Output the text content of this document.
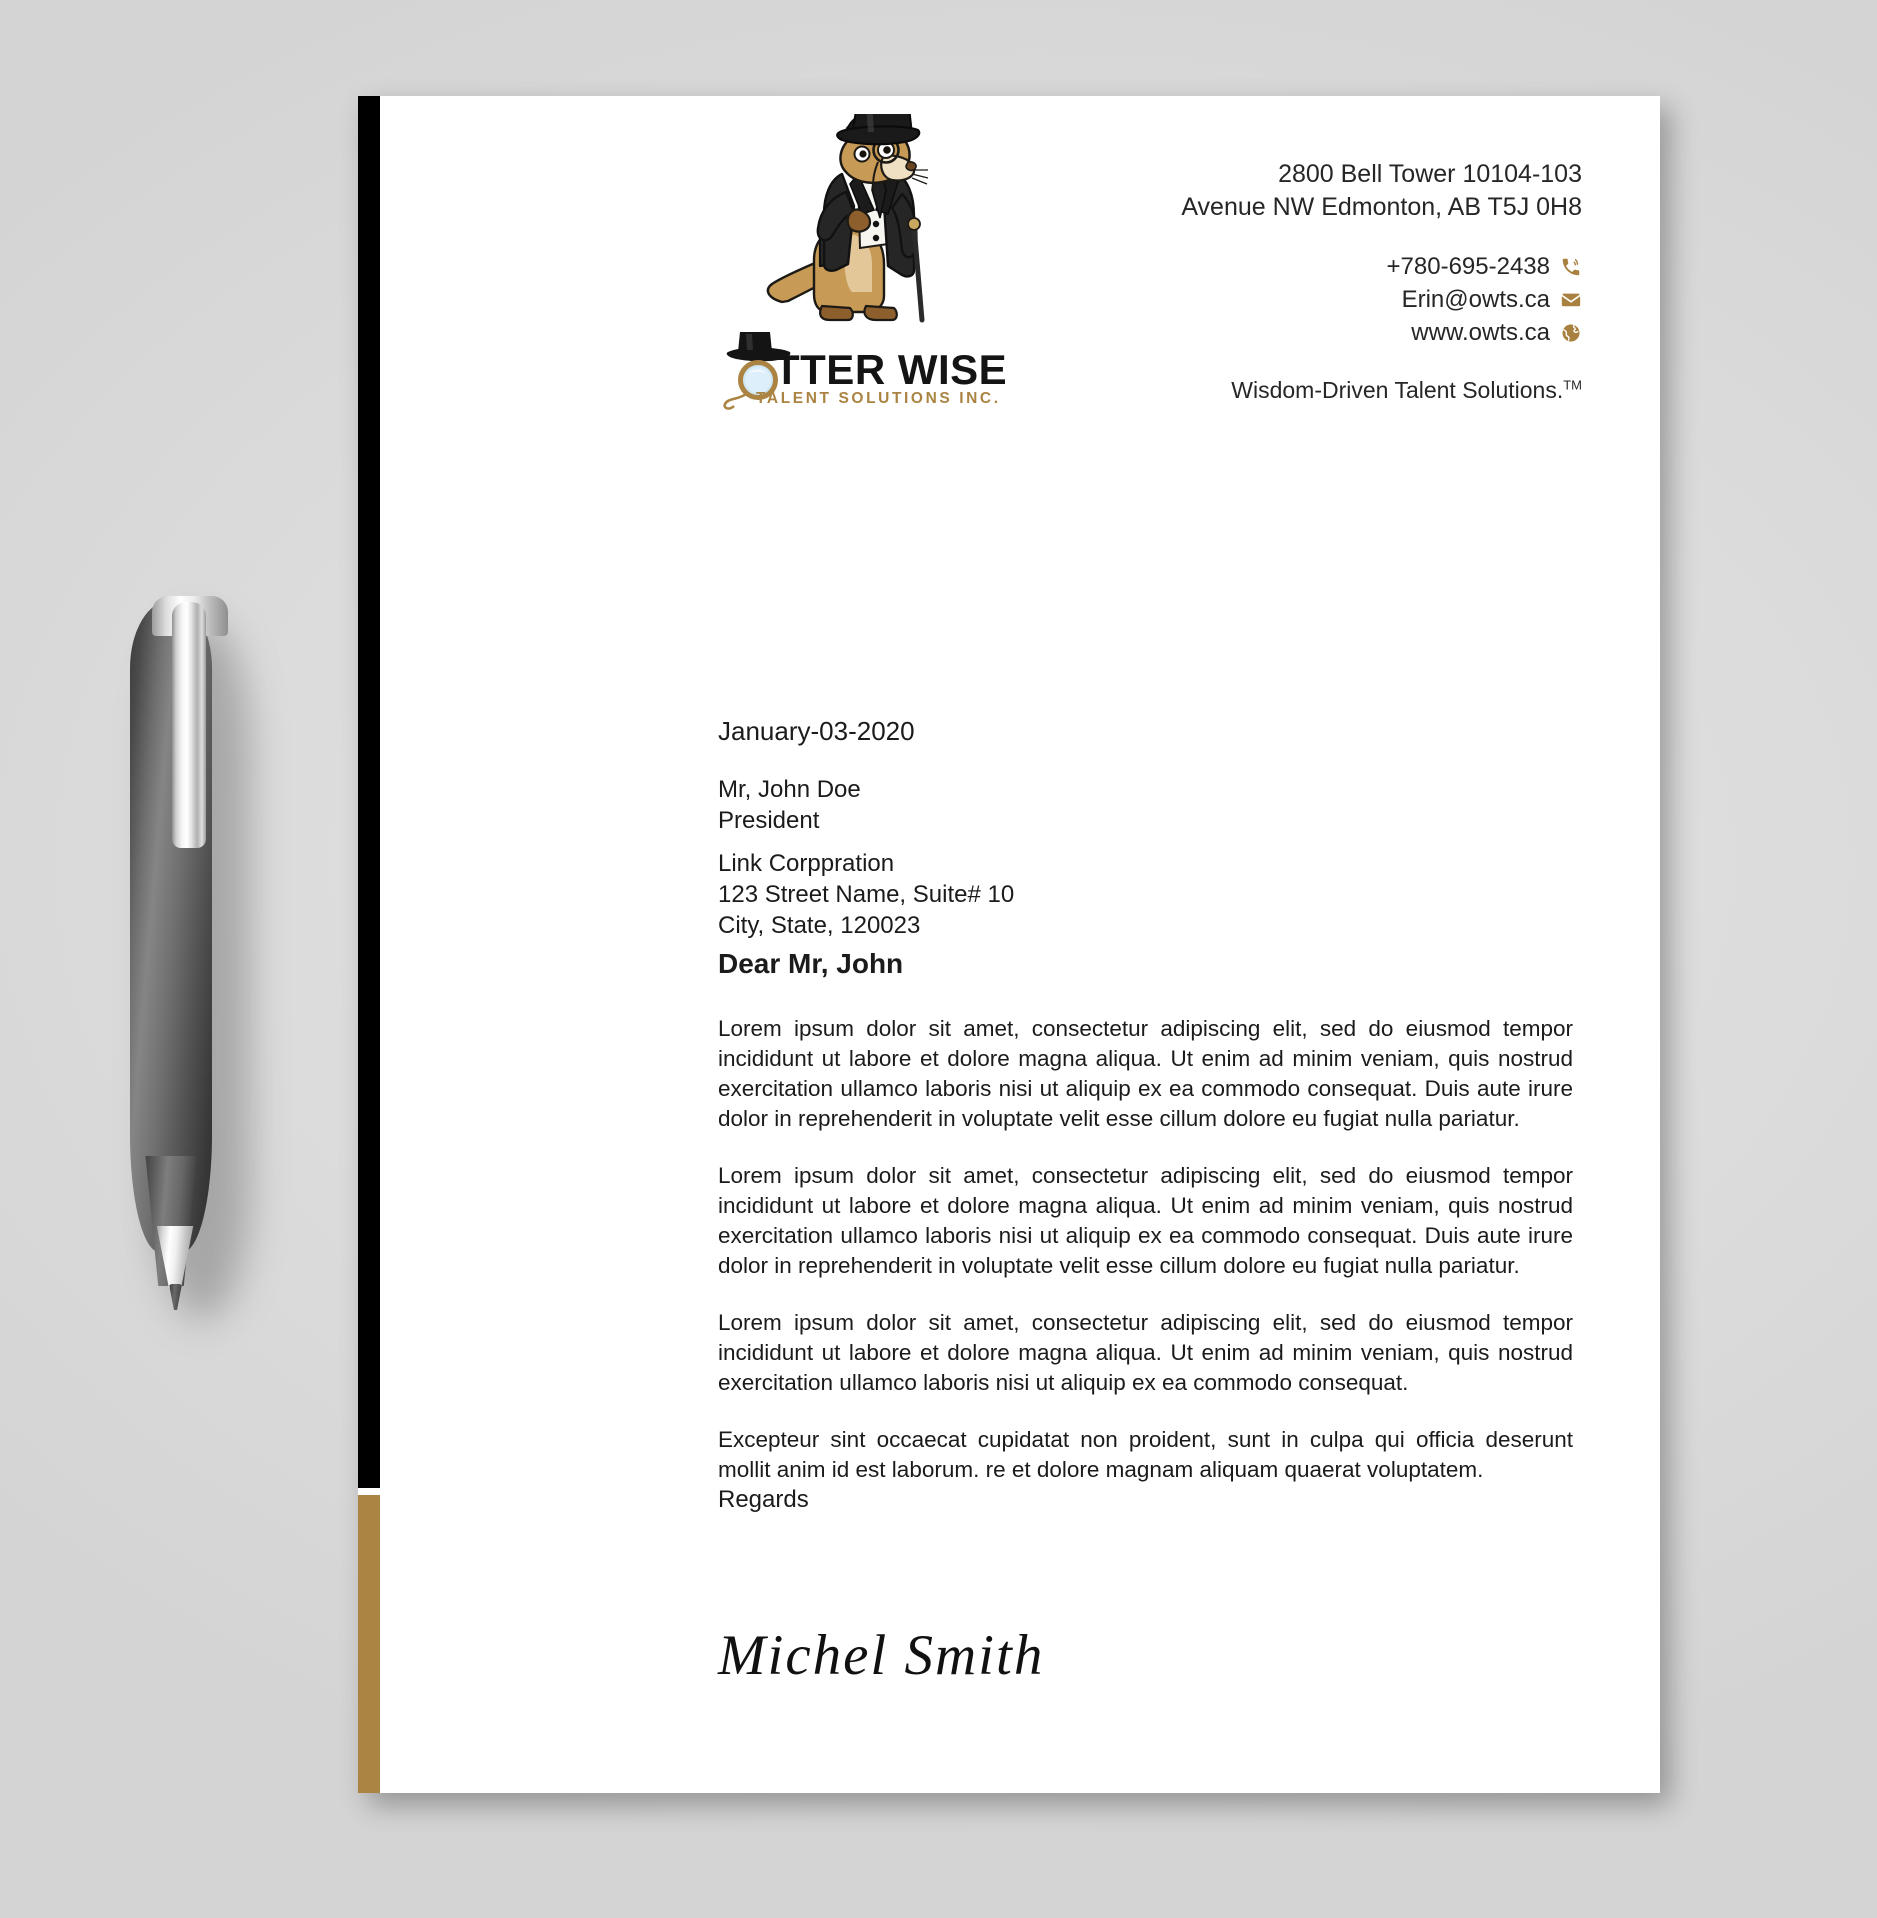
TTER WISE
TALENT SOLUTIONS INC.
2800 Bell Tower 10104-103
Avenue NW Edmonton, AB T5J 0H8
+780-695-2438
Erin@owts.ca
www.owts.ca
Wisdom-Driven Talent Solutions.™
January-03-2020
Mr, John Doe
President
Link Corppration
123 Street Name, Suite# 10
City, State, 120023
Dear Mr, John

Lorem ipsum dolor sit amet, consectetur adipiscing elit, sed do eiusmod tempor incididunt ut labore et dolore magna aliqua. Ut enim ad minim veniam, quis nostrud exercitation ullamco laboris nisi ut aliquip ex ea commodo consequat. Duis aute irure dolor in reprehenderit in voluptate velit esse cillum dolore eu fugiat nulla pariatur.

Lorem ipsum dolor sit amet, consectetur adipiscing elit, sed do eiusmod tempor incididunt ut labore et dolore magna aliqua. Ut enim ad minim veniam, quis nostrud exercitation ullamco laboris nisi ut aliquip ex ea commodo consequat. Duis aute irure dolor in reprehenderit in voluptate velit esse cillum dolore eu fugiat nulla pariatur.

Lorem ipsum dolor sit amet, consectetur adipiscing elit, sed do eiusmod tempor incididunt ut labore et dolore magna aliqua. Ut enim ad minim veniam, quis nostrud exercitation ullamco laboris nisi ut aliquip ex ea commodo consequat.

Excepteur sint occaecat cupidatat non proident, sunt in culpa qui officia deserunt mollit anim id est laborum. re et dolore magnam aliquam quaerat voluptatem.

Regards
Michel Smith
